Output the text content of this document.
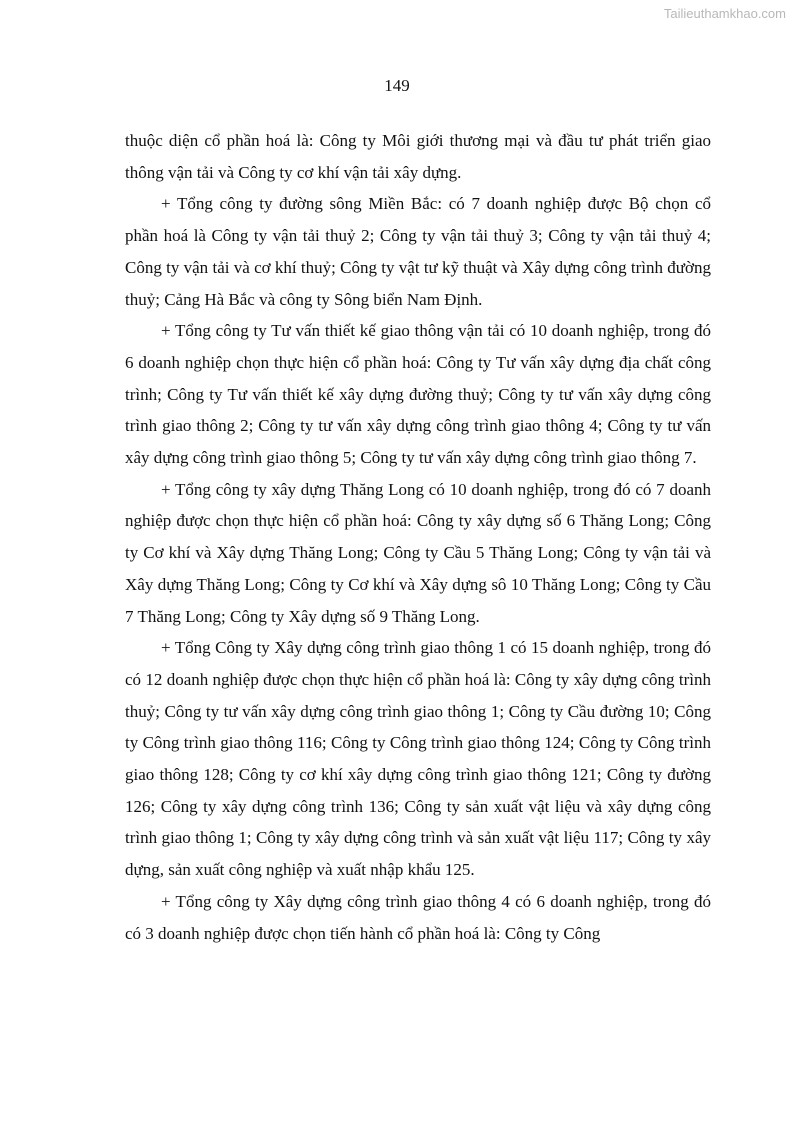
Tailieuthamkhao.com
149

thuộc diện cổ phần hoá là: Công ty Môi giới thương mại và đầu tư phát triển giao thông vận tải và Công ty cơ khí vận tải xây dựng.

+ Tổng công ty đường sông Miền Bắc: có 7 doanh nghiệp được Bộ chọn cổ phần hoá là Công ty vận tải thuỷ 2; Công ty vận tải thuỷ 3; Công ty vận tải thuỷ 4; Công ty vận tải và cơ khí thuỷ; Công ty vật tư kỹ thuật và Xây dựng công trình đường thuỷ; Cảng Hà Bắc và công ty Sông biển Nam Định.

+ Tổng công ty Tư vấn thiết kế giao thông vận tải có 10 doanh nghiệp, trong đó 6 doanh nghiệp chọn thực hiện cổ phần hoá: Công ty Tư vấn xây dựng địa chất công trình; Công ty Tư vấn thiết kế xây dựng đường thuỷ; Công ty tư vấn xây dựng công trình giao thông 2; Công ty tư vấn xây dựng công trình giao thông 4; Công ty tư vấn xây dựng công trình giao thông 5; Công ty tư vấn xây dựng công trình giao thông 7.

+ Tổng công ty xây dựng Thăng Long có 10 doanh nghiệp, trong đó có 7 doanh nghiệp được chọn thực hiện cổ phần hoá: Công ty xây dựng số 6 Thăng Long; Công ty Cơ khí và Xây dựng Thăng Long; Công ty Cầu 5 Thăng Long; Công ty vận tải và Xây dựng Thăng Long; Công ty Cơ khí và Xây dựng sô 10 Thăng Long; Công ty Cầu 7 Thăng Long; Công ty Xây dựng số 9 Thăng Long.

+ Tổng Công ty Xây dựng công trình giao thông 1 có 15 doanh nghiệp, trong đó có 12 doanh nghiệp được chọn thực hiện cổ phần hoá là: Công ty xây dựng công trình thuỷ; Công ty tư vấn xây dựng công trình giao thông 1; Công ty Cầu đường 10; Công ty Công trình giao thông 116; Công ty Công trình giao thông 124; Công ty Công trình giao thông 128; Công ty cơ khí xây dựng công trình giao thông 121; Công ty đường 126; Công ty xây dựng công trình 136; Công ty sản xuất vật liệu và xây dựng công trình giao thông 1; Công ty xây dựng công trình và sản xuất vật liệu 117; Công ty xây dựng, sản xuất công nghiệp và xuất nhập khẩu 125.

+ Tổng công ty Xây dựng công trình giao thông 4 có 6 doanh nghiệp, trong đó có 3 doanh nghiệp được chọn tiến hành cổ phần hoá là: Công ty Công
